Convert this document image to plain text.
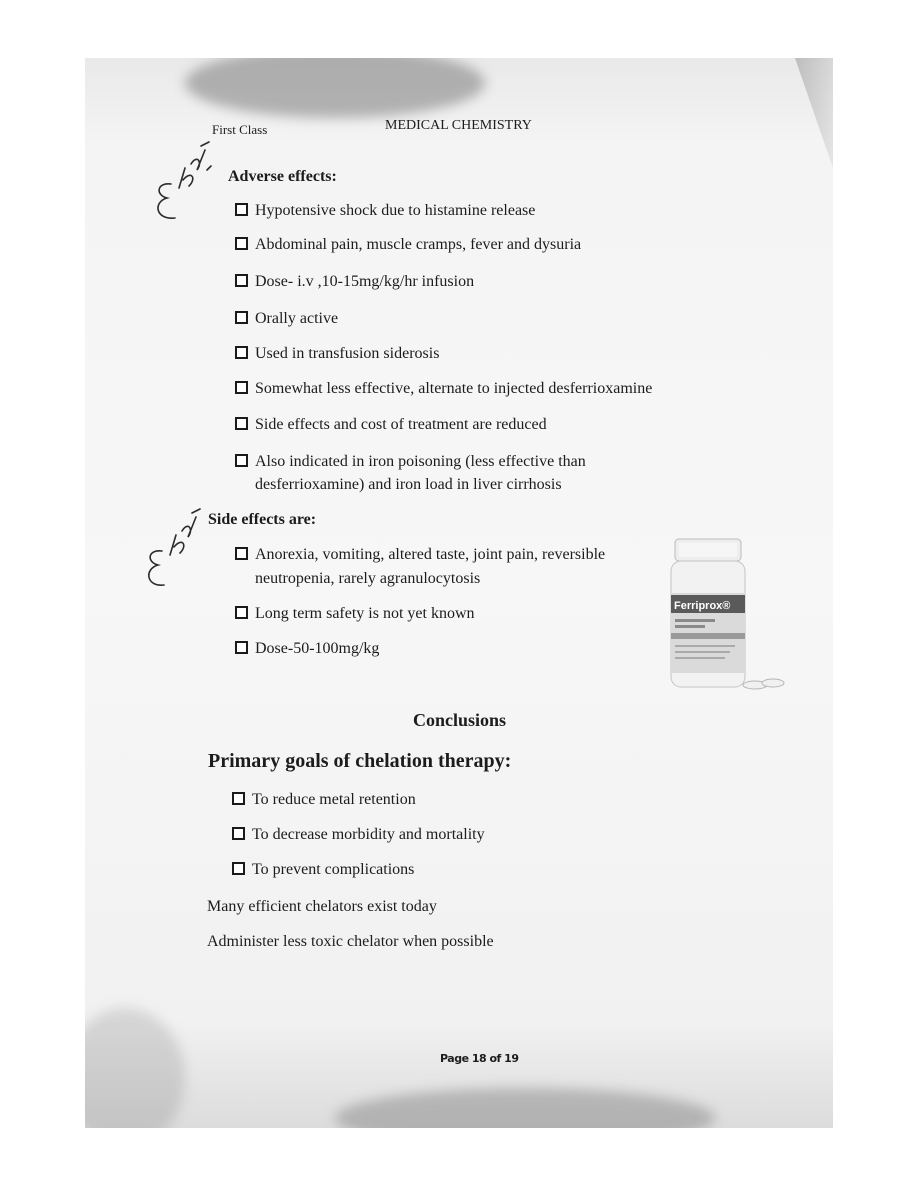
First Class	MEDICAL CHEMISTRY
Adverse effects:
Hypotensive shock due to histamine release
Abdominal pain, muscle cramps, fever and dysuria
Dose- i.v ,10-15mg/kg/hr infusion
Orally active
Used in transfusion siderosis
Somewhat less effective, alternate to injected desferrioxamine
Side effects and cost of treatment are reduced
Also indicated in iron poisoning (less effective than
desferrioxamine) and iron load in liver cirrhosis
Side effects are:
Anorexia, vomiting, altered taste, joint pain, reversible
neutropenia, rarely agranulocytosis
Long term safety is not yet known
Dose-50-100mg/kg
Ferriprox®
Conclusions
Primary goals of chelation therapy:
To reduce metal retention
To decrease morbidity and mortality
To prevent complications
Many efficient chelators exist today
Administer less toxic chelator when possible
Page 18 of 19
